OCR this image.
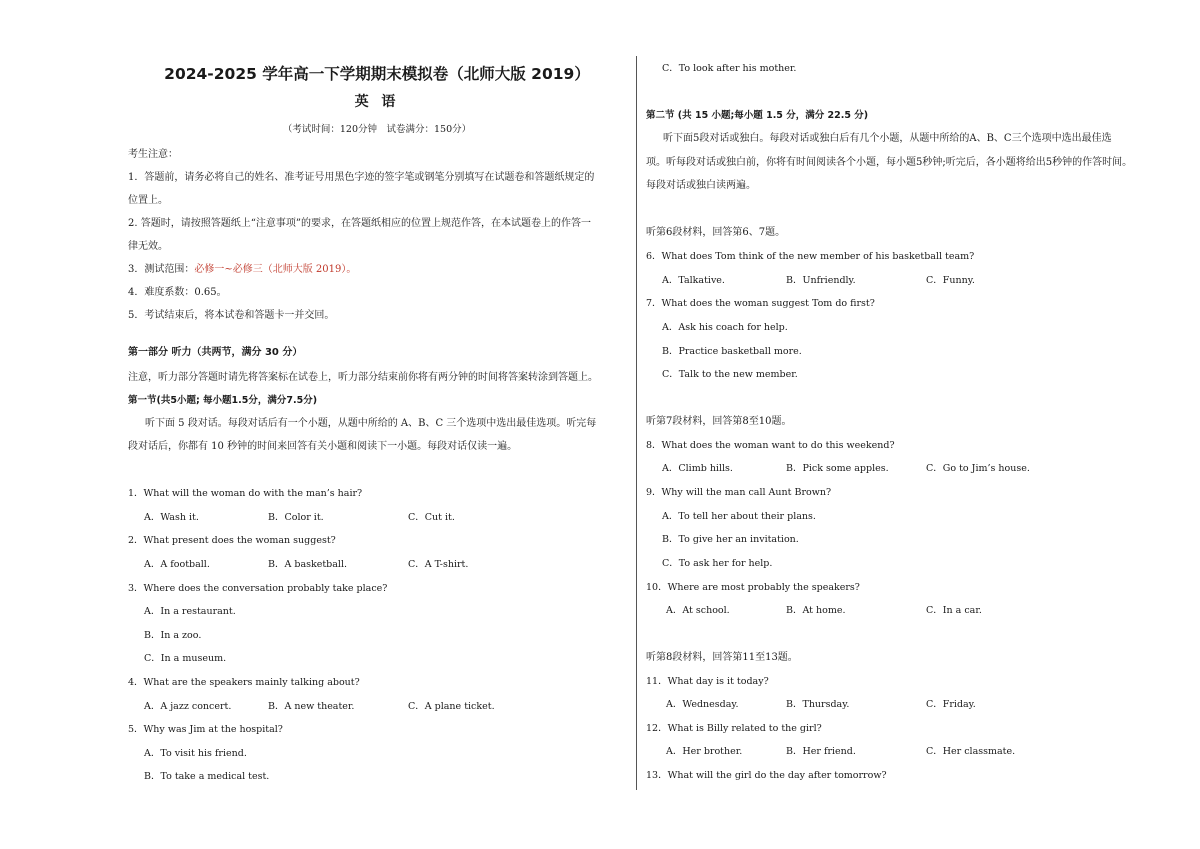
2024-2025 学年高一下学期期末模拟卷（北师大版 2019）
英 语
（考试时间：120分钟　试卷满分：150分）
考生注意：
1．答题前，请务必将自己的姓名、准考证号用黑色字迹的签字笔或钢笔分别填写在试题卷和答题纸规定的
位置上。
2. 答题时，请按照答题纸上“注意事项”的要求，在答题纸相应的位置上规范作答，在本试题卷上的作答一
律无效。
3．测试范围：必修一~必修三（北师大版 2019）。
4．难度系数：0.65。
5．考试结束后，将本试卷和答题卡一并交回。
第一部分 听力（共两节，满分 30 分）
注意，听力部分答题时请先将答案标在试卷上，听力部分结束前你将有两分钟的时间将答案转涂到答题上。
第一节(共5小题; 每小题1.5分，满分7.5分)
听下面 5 段对话。每段对话后有一个小题，从题中所给的 A、B、C 三个选项中选出最佳选项。听完每
段对话后，你都有 10 秒钟的时间来回答有关小题和阅读下一小题。每段对话仅读一遍。
1．What will the woman do with the man’s hair?
A．Wash it.	B．Color it.	C．Cut it.
2．What present does the woman suggest?
A．A football.	B．A basketball.	C．A T-shirt.
3．Where does the conversation probably take place?
A．In a restaurant.
B．In a zoo.
C．In a museum.
4．What are the speakers mainly talking about?
A．A jazz concert.	B．A new theater.	C．A plane ticket.
5．Why was Jim at the hospital?
A．To visit his friend.
B．To take a medical test.
C．To look after his mother.
第二节 (共 15 小题;每小题 1.5 分，满分 22.5 分)
听下面5段对话或独白。每段对话或独白后有几个小题，从题中所给的A、B、C三个选项中选出最佳选
项。听每段对话或独白前，你将有时间阅读各个小题，每小题5秒钟;听完后，各小题将给出5秒钟的作答时间。
每段对话或独白读两遍。
听第6段材料，回答第6、7题。
6．What does Tom think of the new member of his basketball team?
A．Talkative.	B．Unfriendly.	C．Funny.
7．What does the woman suggest Tom do first?
A．Ask his coach for help.
B．Practice basketball more.
C．Talk to the new member.
听第7段材料，回答第8至10题。
8．What does the woman want to do this weekend?
A．Climb hills.	B．Pick some apples.	C．Go to Jim’s house.
9．Why will the man call Aunt Brown?
A．To tell her about their plans.
B．To give her an invitation.
C．To ask her for help.
10．Where are most probably the speakers?
A．At school.	B．At home.	C．In a car.
听第8段材料，回答第11至13题。
11．What day is it today?
A．Wednesday.	B．Thursday.	C．Friday.
12．What is Billy related to the girl?
A．Her brother.	B．Her friend.	C．Her classmate.
13．What will the girl do the day after tomorrow?
